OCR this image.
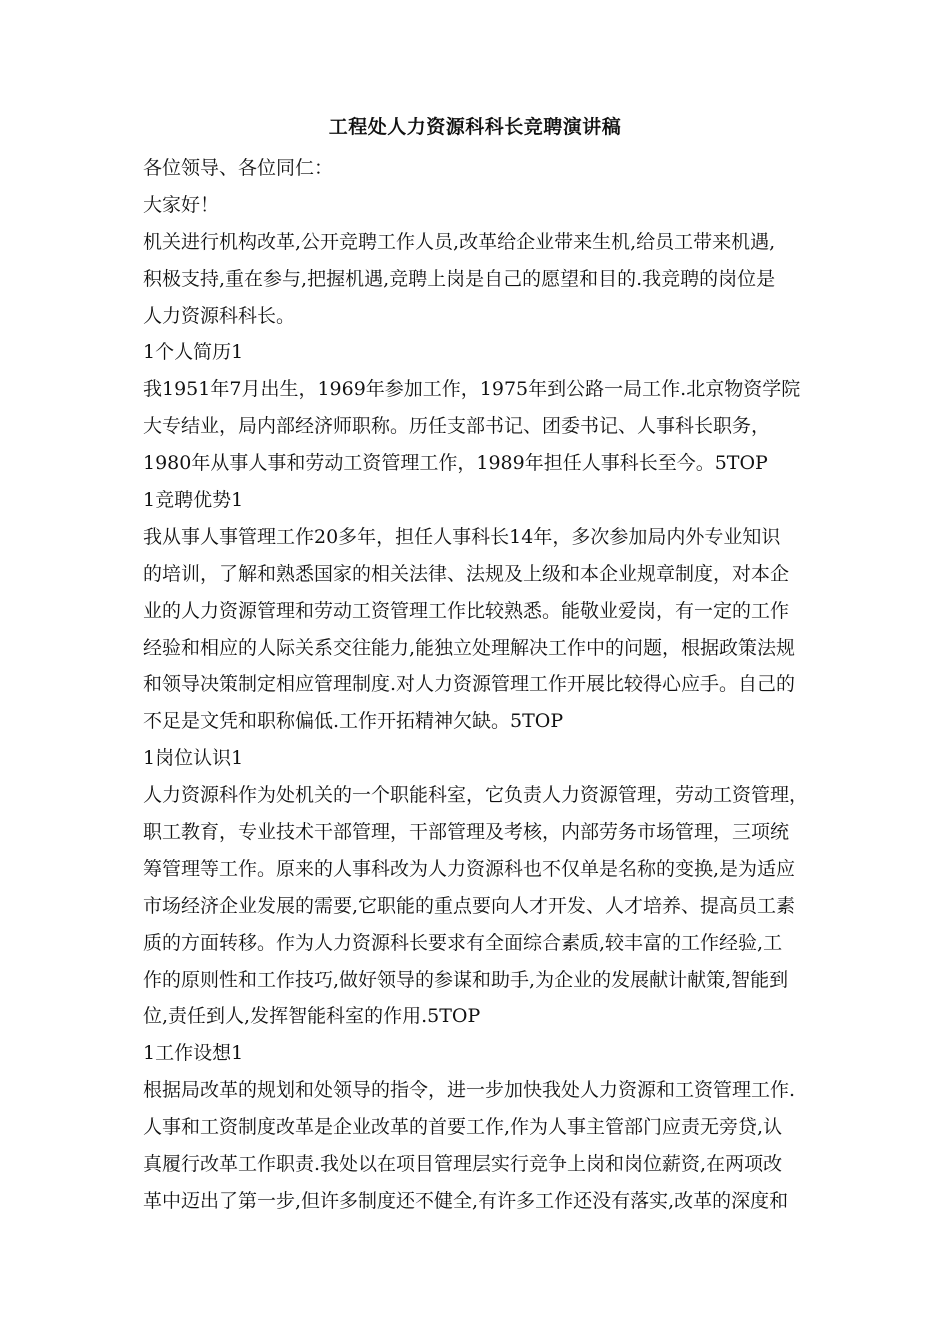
工程处人力资源科科长竞聘演讲稿
各位领导、各位同仁：
大家好！
机关进行机构改革,公开竞聘工作人员,改革给企业带来生机,给员工带来机遇,
积极支持,重在参与,把握机遇,竞聘上岗是自己的愿望和目的.我竞聘的岗位是
人力资源科科长。
1个人简历1
我1951年7月出生，1969年参加工作，1975年到公路一局工作.北京物资学院
大专结业，局内部经济师职称。历任支部书记、团委书记、人事科长职务，
1980年从事人事和劳动工资管理工作，1989年担任人事科长至今。5TOP
1竞聘优势1
我从事人事管理工作20多年，担任人事科长14年，多次参加局内外专业知识
的培训，了解和熟悉国家的相关法律、法规及上级和本企业规章制度，对本企
业的人力资源管理和劳动工资管理工作比较熟悉。能敬业爱岗，有一定的工作
经验和相应的人际关系交往能力,能独立处理解决工作中的问题，根据政策法规
和领导决策制定相应管理制度.对人力资源管理工作开展比较得心应手。自己的
不足是文凭和职称偏低.工作开拓精神欠缺。5TOP
1岗位认识1
人力资源科作为处机关的一个职能科室，它负责人力资源管理，劳动工资管理，
职工教育，专业技术干部管理，干部管理及考核，内部劳务市场管理，三项统
筹管理等工作。原来的人事科改为人力资源科也不仅单是名称的变换,是为适应
市场经济企业发展的需要,它职能的重点要向人才开发、人才培养、提高员工素
质的方面转移。作为人力资源科长要求有全面综合素质,较丰富的工作经验,工
作的原则性和工作技巧,做好领导的参谋和助手,为企业的发展献计献策,智能到
位,责任到人,发挥智能科室的作用.5TOP
1工作设想1
根据局改革的规划和处领导的指令，进一步加快我处人力资源和工资管理工作.
人事和工资制度改革是企业改革的首要工作,作为人事主管部门应责无旁贷,认
真履行改革工作职责.我处以在项目管理层实行竞争上岗和岗位薪资,在两项改
革中迈出了第一步,但许多制度还不健全,有许多工作还没有落实,改革的深度和
